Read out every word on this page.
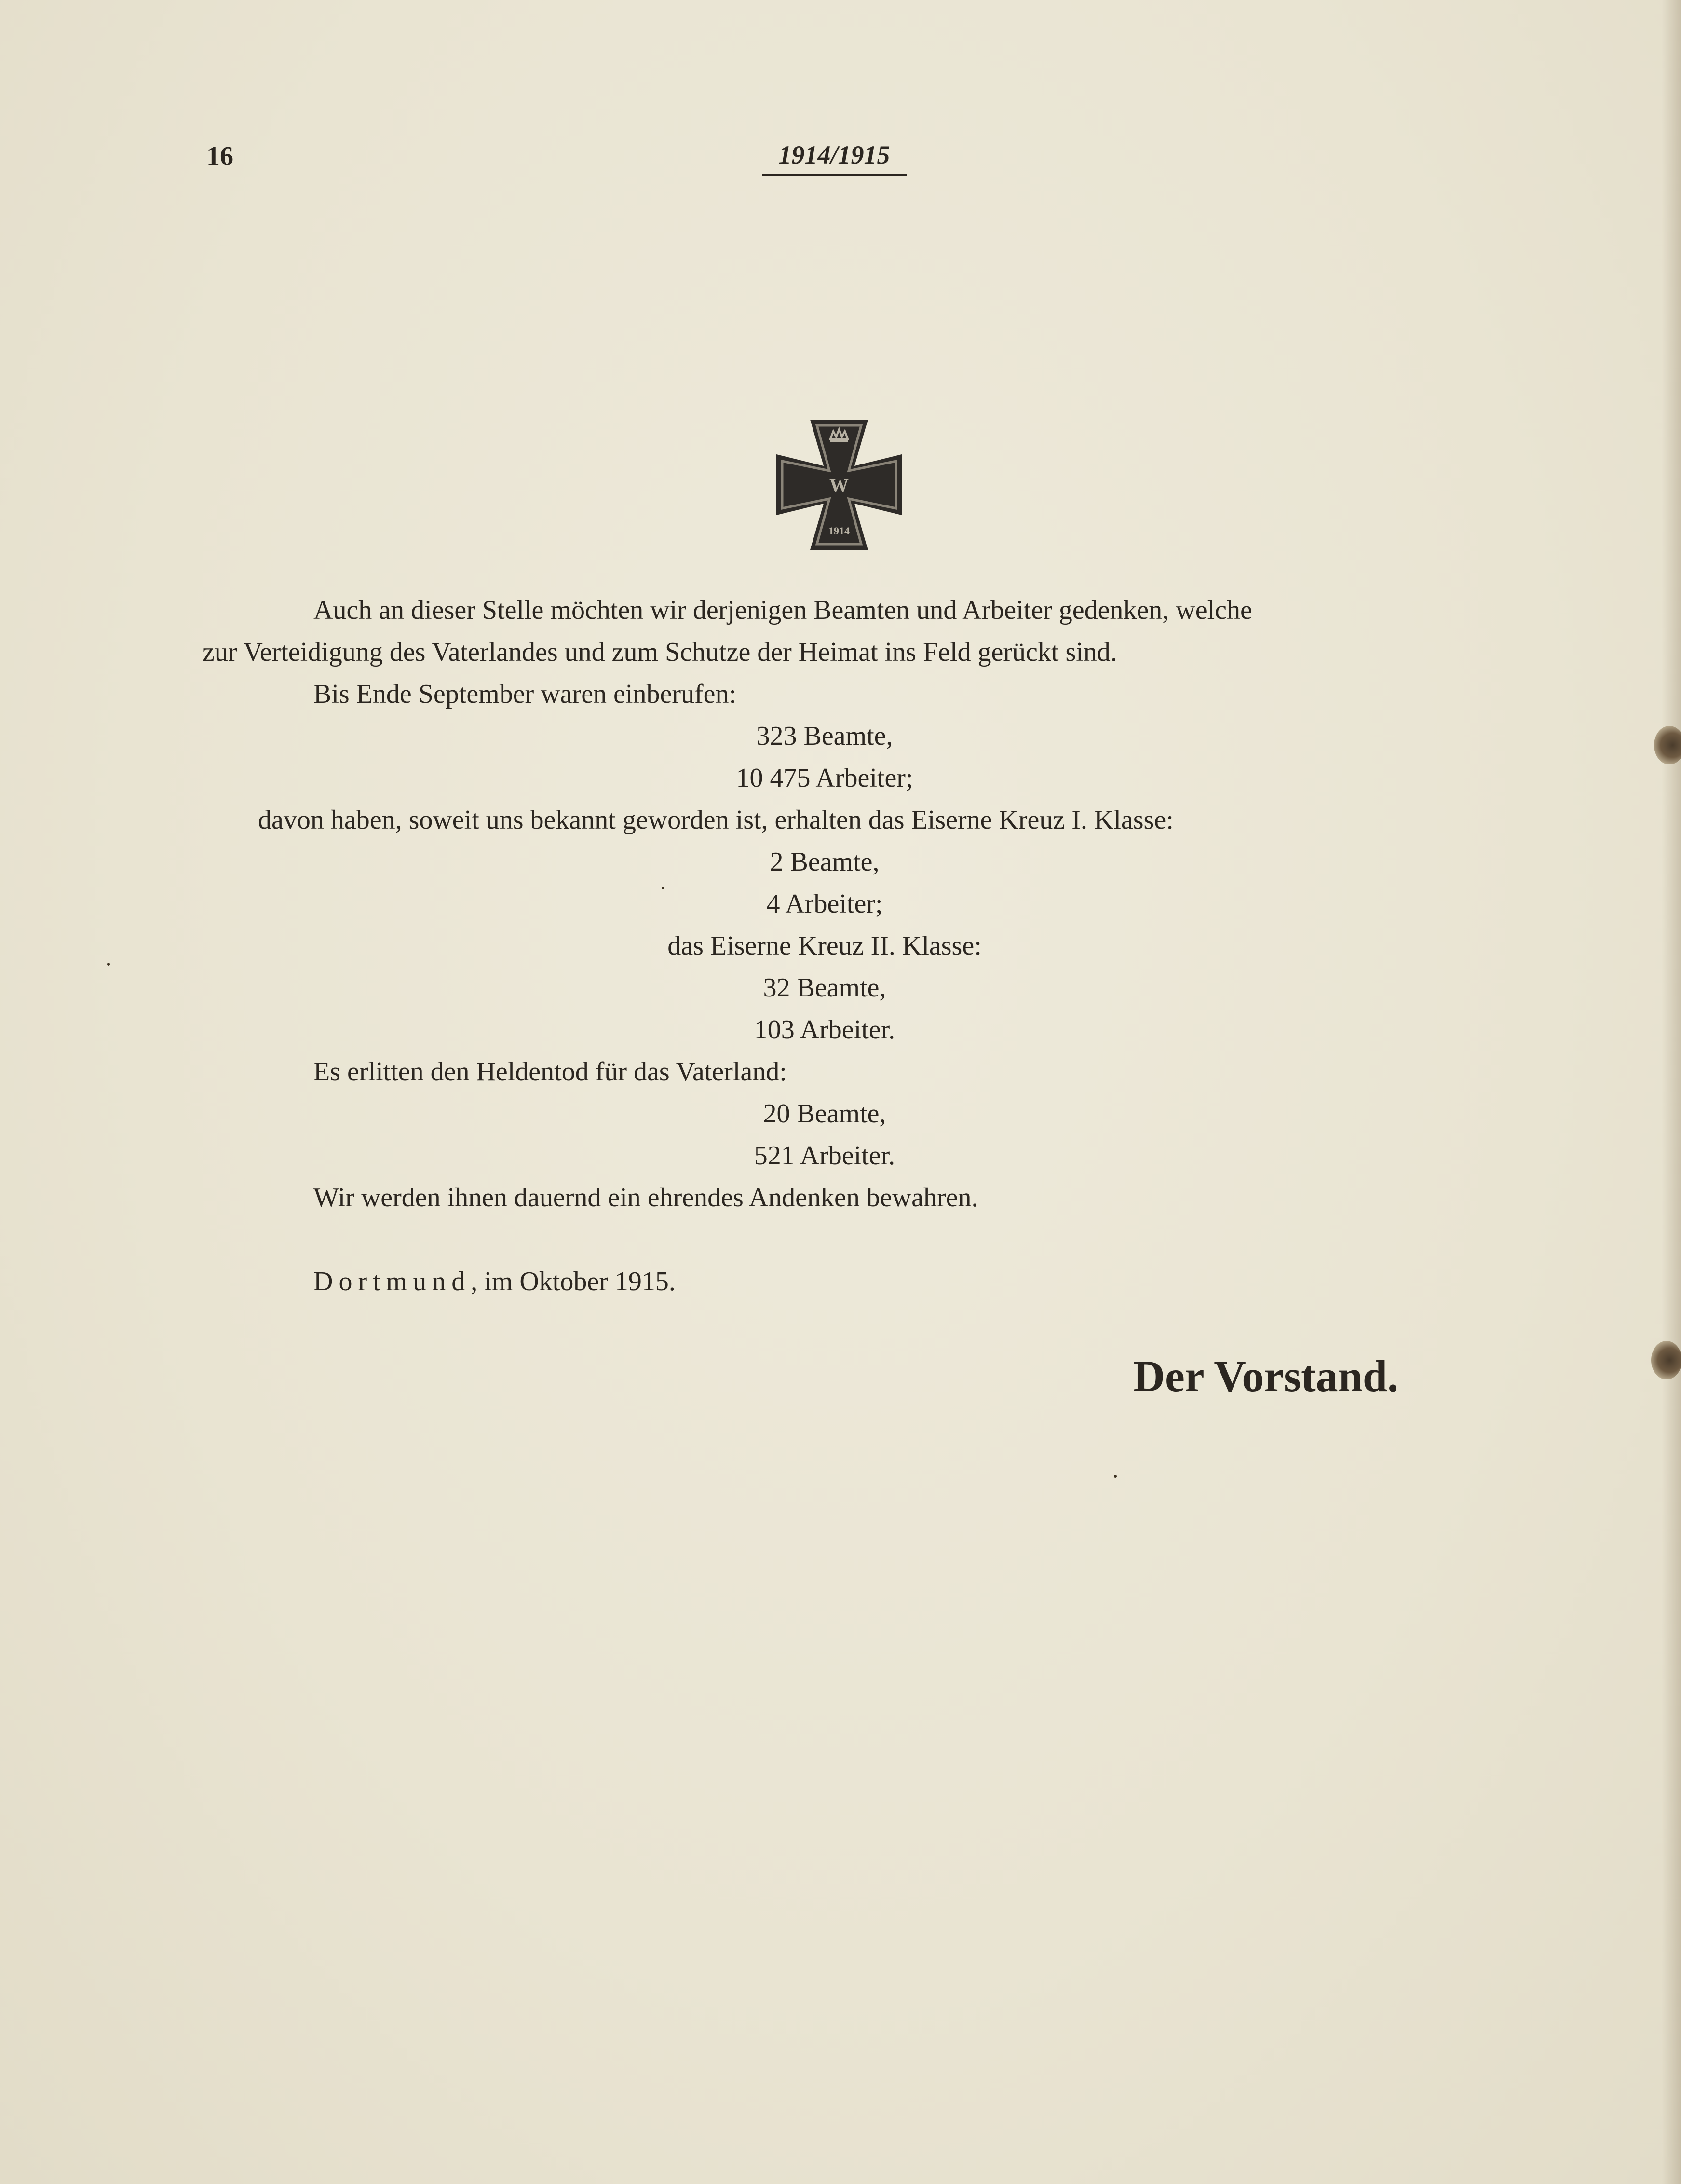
16	1914/1915
W
1914
Auch an dieser Stelle möchten wir derjenigen Beamten und Arbeiter gedenken, welche
zur Verteidigung des Vaterlandes und zum Schutze der Heimat ins Feld gerückt sind.
Bis Ende September waren einberufen:
323 Beamte,
10 475 Arbeiter;
davon haben, soweit uns bekannt geworden ist, erhalten das Eiserne Kreuz I. Klasse:
2 Beamte,
4 Arbeiter;
das Eiserne Kreuz II. Klasse:
32 Beamte,
103 Arbeiter.
Es erlitten den Heldentod für das Vaterland:
20 Beamte,
521 Arbeiter.
Wir werden ihnen dauernd ein ehrendes Andenken bewahren.
Dortmund, im Oktober 1915.
Der Vorstand.
